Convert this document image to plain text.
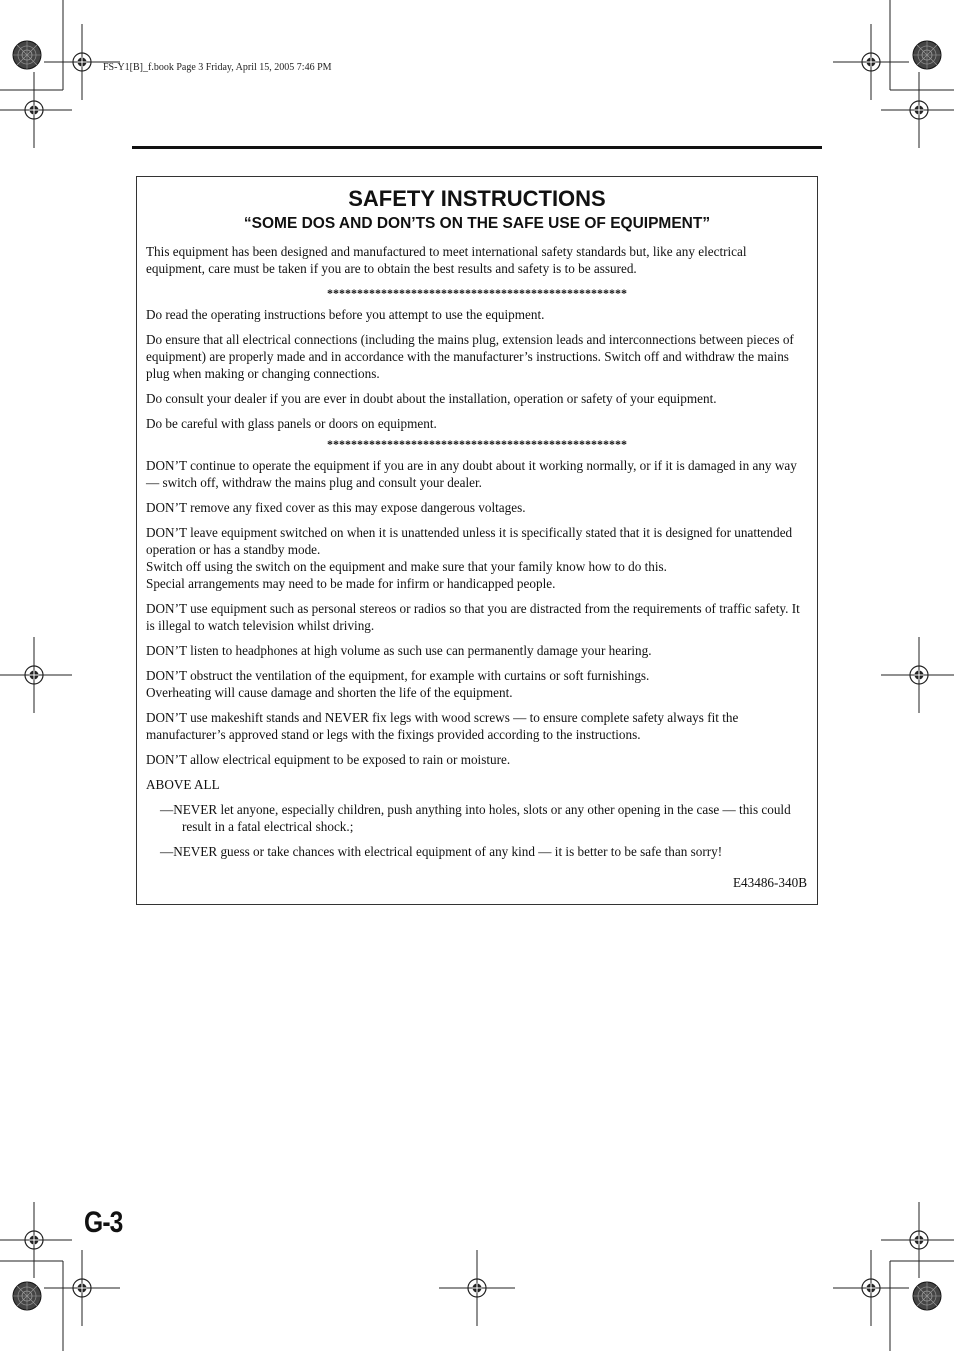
FS-Y1[B]_f.book Page 3 Friday, April 15, 2005 7:46 PM
SAFETY INSTRUCTIONS
“SOME DOS AND DON’TS ON THE SAFE USE OF EQUIPMENT”

This equipment has been designed and manufactured to meet international safety standards but, like any electrical equipment, care must be taken if you are to obtain the best results and safety is to be assured.

**************************************************

Do read the operating instructions before you attempt to use the equipment.

Do ensure that all electrical connections (including the mains plug, extension leads and interconnections between pieces of equipment) are properly made and in accordance with the manufacturer’s instructions. Switch off and withdraw the mains plug when making or changing connections.

Do consult your dealer if you are ever in doubt about the installation, operation or safety of your equipment.

Do be careful with glass panels or doors on equipment.

**************************************************

DON’T continue to operate the equipment if you are in any doubt about it working normally, or if it is damaged in any way — switch off, withdraw the mains plug and consult your dealer.

DON’T remove any fixed cover as this may expose dangerous voltages.

DON’T leave equipment switched on when it is unattended unless it is specifically stated that it is designed for unattended operation or has a standby mode.
Switch off using the switch on the equipment and make sure that your family know how to do this.
Special arrangements may need to be made for infirm or handicapped people.

DON’T use equipment such as personal stereos or radios so that you are distracted from the requirements of traffic safety. It is illegal to watch television whilst driving.

DON’T listen to headphones at high volume as such use can permanently damage your hearing.

DON’T obstruct the ventilation of the equipment, for example with curtains or soft furnishings.
Overheating will cause damage and shorten the life of the equipment.

DON’T use makeshift stands and NEVER fix legs with wood screws — to ensure complete safety always fit the manufacturer’s approved stand or legs with the fixings provided according to the instructions.

DON’T allow electrical equipment to be exposed to rain or moisture.

ABOVE ALL

—NEVER let anyone, especially children, push anything into holes, slots or any other opening in the case — this could result in a fatal electrical shock.;

—NEVER guess or take chances with electrical equipment of any kind — it is better to be safe than sorry!

E43486-340B

G-3
